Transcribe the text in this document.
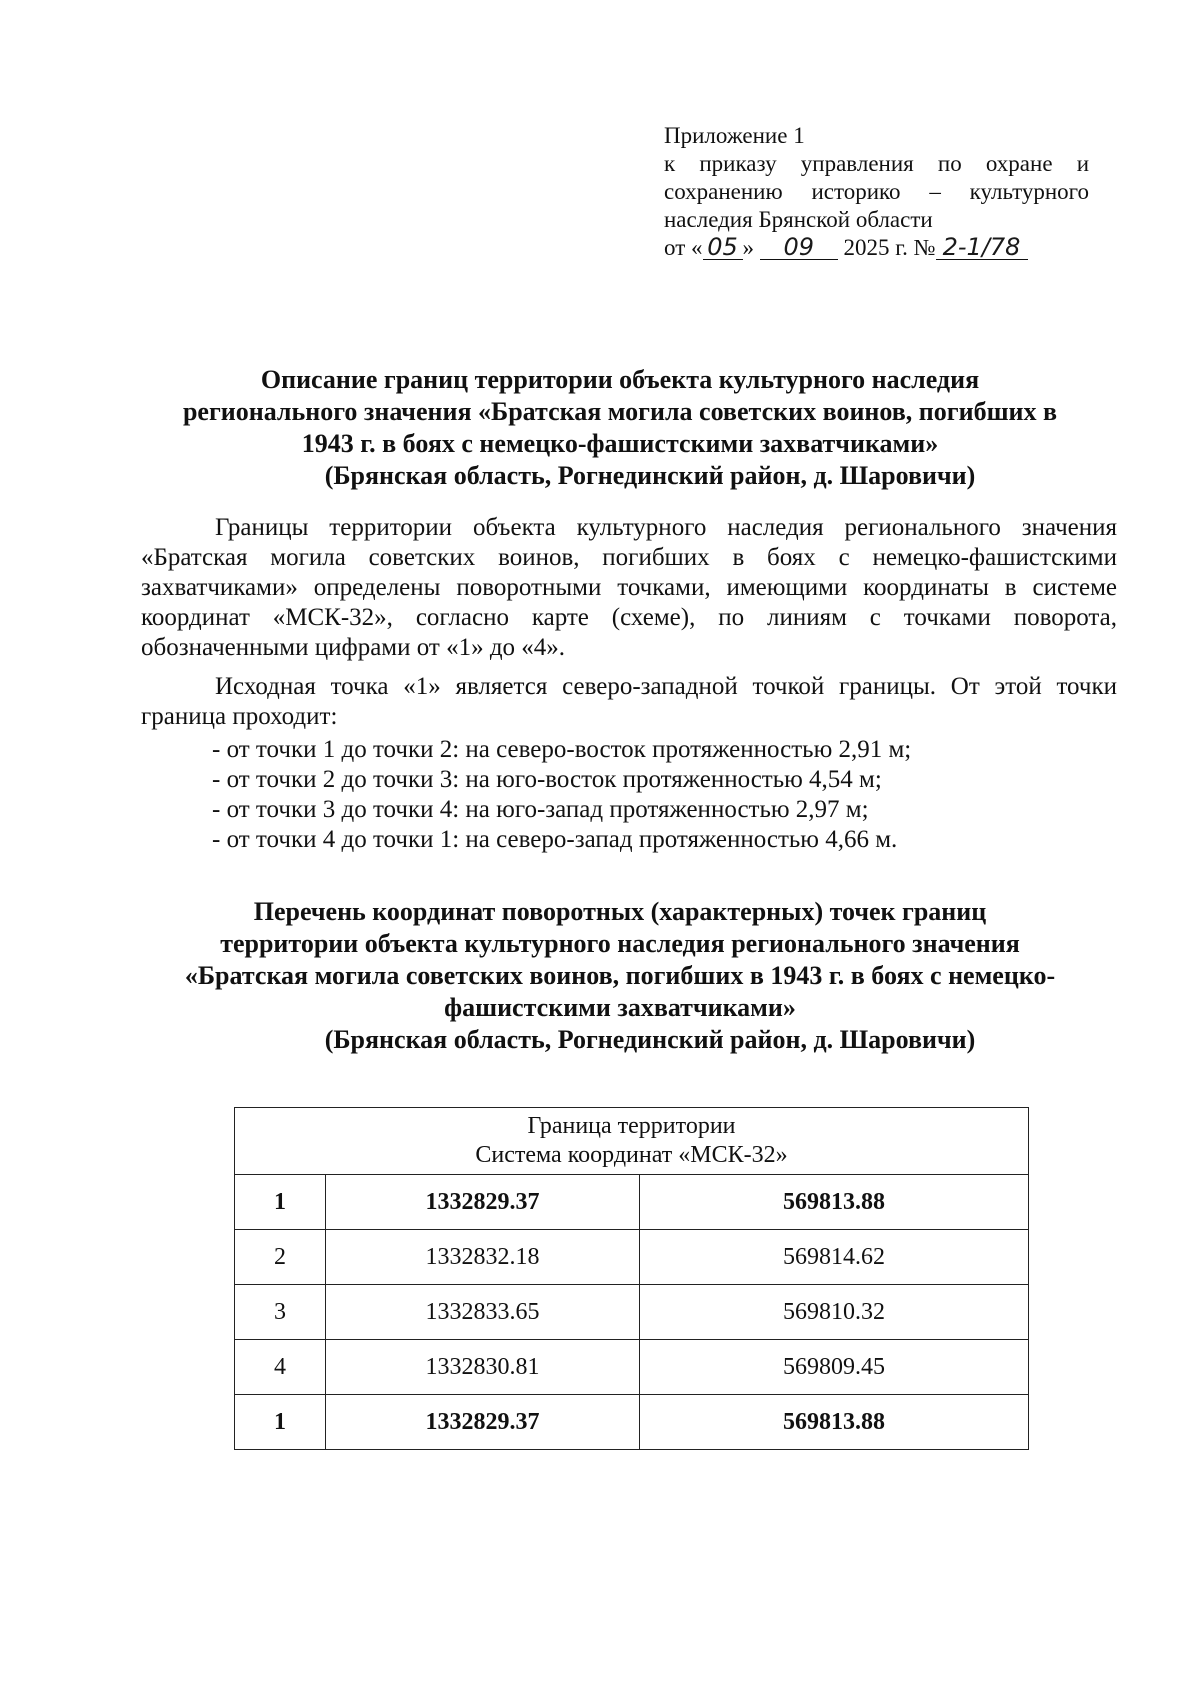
Приложение 1
к приказу управления по охране и
сохранению историко – культурного
наследия Брянской области
от « 05 » 09 2025 г. № 2-1/78
Описание границ территории объекта культурного наследия
регионального значения «Братская могила советских воинов, погибших в
1943 г. в боях с немецко-фашистскими захватчиками»
(Брянская область, Рогнединский район, д. Шаровичи)
Границы территории объекта культурного наследия регионального значения «Братская могила советских воинов, погибших в боях с немецко-фашистскими захватчиками» определены поворотными точками, имеющими координаты в системе координат «МСК-32», согласно карте (схеме), по линиям с точками поворота, обозначенными цифрами от «1» до «4».
Исходная точка «1» является северо-западной точкой границы. От этой точки граница проходит:
- от точки 1 до точки 2: на северо-восток протяженностью 2,91 м;
- от точки 2 до точки 3: на юго-восток протяженностью 4,54 м;
- от точки 3 до точки 4: на юго-запад протяженностью 2,97 м;
- от точки 4 до точки 1: на северо-запад протяженностью 4,66 м.
Перечень координат поворотных (характерных) точек границ
территории объекта культурного наследия регионального значения
«Братская могила советских воинов, погибших в 1943 г. в боях с немецко-
фашистскими захватчиками»
(Брянская область, Рогнединский район, д. Шаровичи)
Граница территории
Система координат «МСК-32»		

1	1332829.37	569813.88
2	1332832.18	569814.62
3	1332833.65	569810.32
4	1332830.81	569809.45
1	1332829.37	569813.88
